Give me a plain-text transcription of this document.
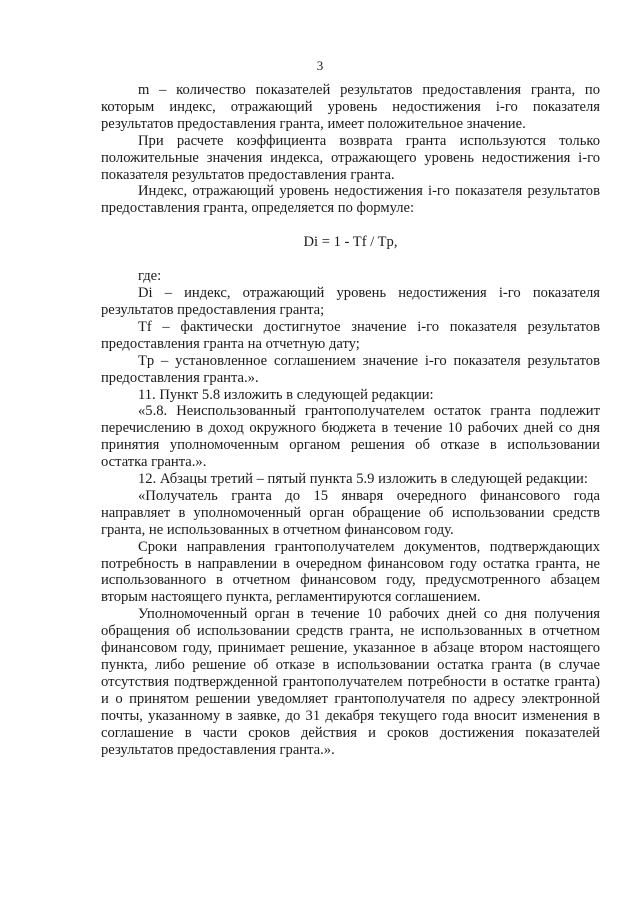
3

m – количество показателей результатов предоставления гранта, по которым индекс, отражающий уровень недостижения i-го показателя результатов предоставления гранта, имеет положительное значение.

При расчете коэффициента возврата гранта используются только положительные значения индекса, отражающего уровень недостижения i-го показателя результатов предоставления гранта.

Индекс, отражающий уровень недостижения i-го показателя результатов предоставления гранта, определяется по формуле:

Di = 1 - Tf / Tp,

где:

Di – индекс, отражающий уровень недостижения i-го показателя результатов предоставления гранта;

Tf – фактически достигнутое значение i-го показателя результатов предоставления гранта на отчетную дату;

Tp – установленное соглашением значение i-го показателя результатов предоставления гранта.».

11. Пункт 5.8 изложить в следующей редакции:

«5.8. Неиспользованный грантополучателем остаток гранта подлежит перечислению в доход окружного бюджета в течение 10 рабочих дней со дня принятия уполномоченным органом решения об отказе в использовании остатка гранта.».

12. Абзацы третий – пятый пункта 5.9 изложить в следующей редакции:

«Получатель гранта до 15 января очередного финансового года направляет в уполномоченный орган обращение об использовании средств гранта, не использованных в отчетном финансовом году.

Сроки направления грантополучателем документов, подтверждающих потребность в направлении в очередном финансовом году остатка гранта, не использованного в отчетном финансовом году, предусмотренного абзацем вторым настоящего пункта, регламентируются соглашением.

Уполномоченный орган в течение 10 рабочих дней со дня получения обращения об использовании средств гранта, не использованных в отчетном финансовом году, принимает решение, указанное в абзаце втором настоящего пункта, либо решение об отказе в использовании остатка гранта (в случае отсутствия подтвержденной грантополучателем потребности в остатке гранта) и о принятом решении уведомляет грантополучателя по адресу электронной почты, указанному в заявке, до 31 декабря текущего года вносит изменения в соглашение в части сроков действия и сроков достижения показателей результатов предоставления гранта.».
